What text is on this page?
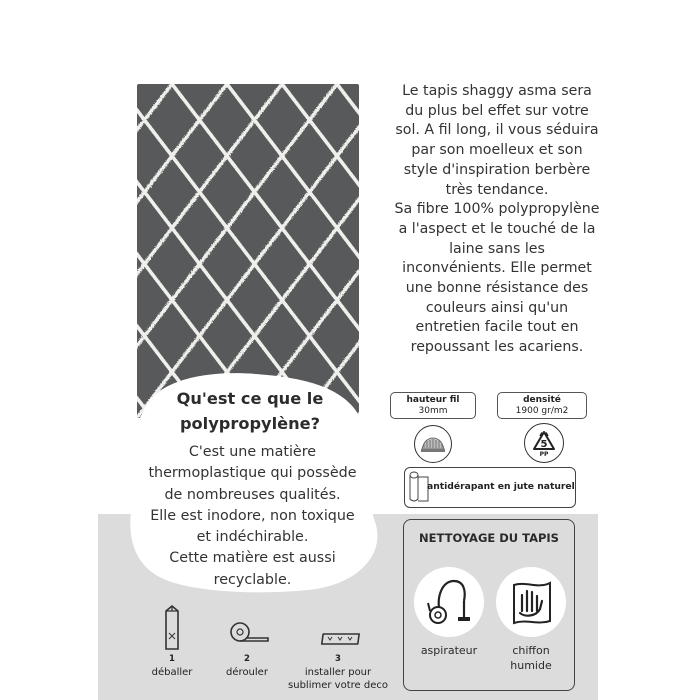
Le tapis shaggy asma sera

du plus bel effet sur votre

sol. A fil long, il vous séduira

par son moelleux et son

style d'inspiration berbère

très tendance.

Sa fibre 100% polypropylène

a l'aspect et le touché de la

laine sans les

inconvénients. Elle permet

une bonne résistance des

couleurs ainsi qu'un

entretien facile tout en

repoussant les acariens.

Qu'est ce que le
polypropylène?
C'est une matière
thermoplastique qui possède
de nombreuses qualités.
Elle est inodore, non toxique
et indéchirable.
Cette matière est aussi
recyclable.
hauteur fil
30mm
densité
1900 gr/m2
5
PP
antidérapant en jute naturel
NETTOYAGE DU TAPIS
aspirateur	chiffon
humide
1
déballer
2
dérouler
3
installer pour
sublimer votre deco
